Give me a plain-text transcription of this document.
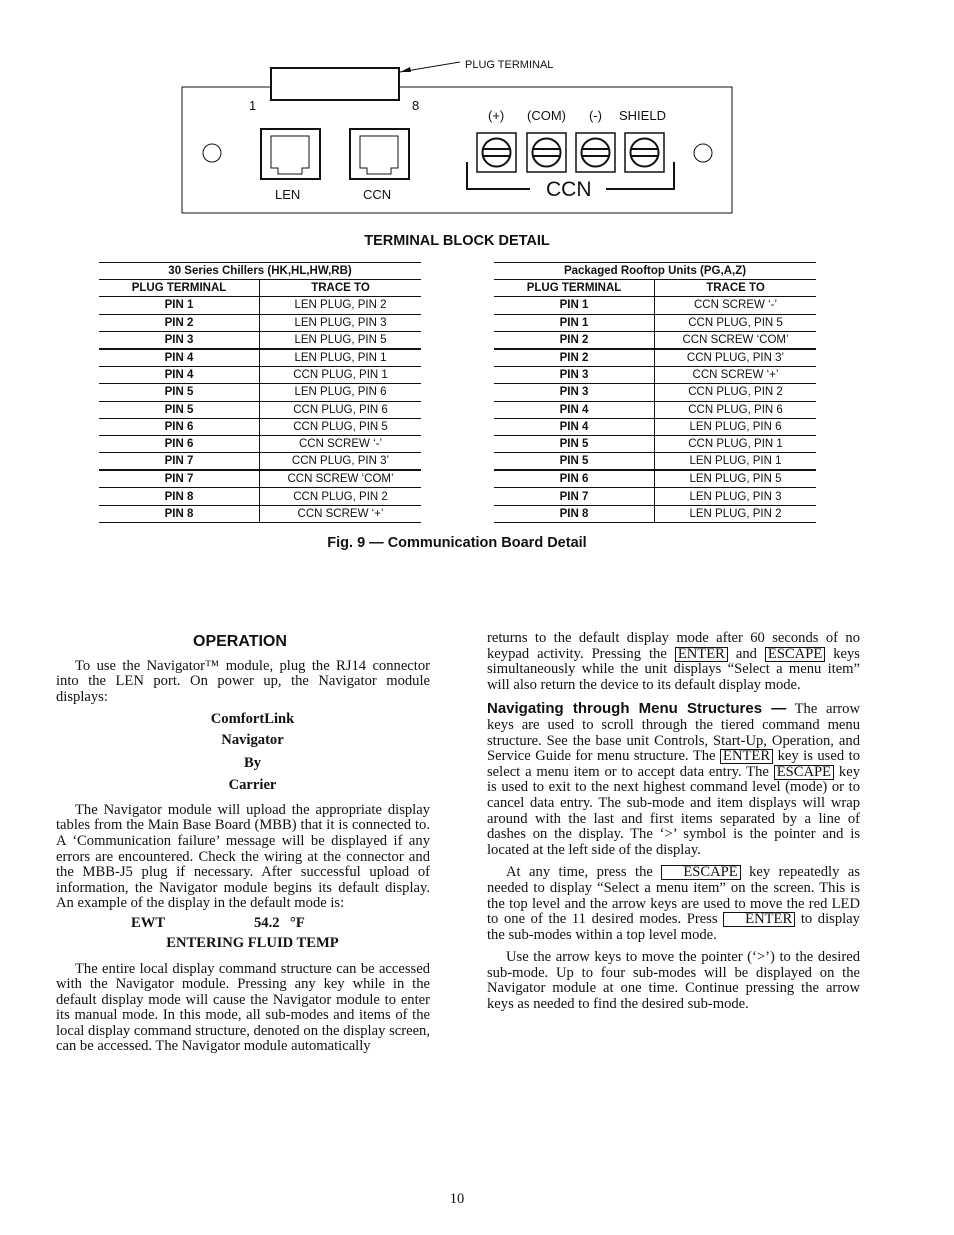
PLUG TERMINAL
1	8
LEN	CCN
(+) (COM) (-) SHIELD
CCN
TERMINAL BLOCK DETAIL
30 Series Chillers (HK,HL,HW,RB)	
PLUG TERMINAL	TRACE TO
PIN 1	LEN PLUG, PIN 2
PIN 2	LEN PLUG, PIN 3
PIN 3	LEN PLUG, PIN 5
PIN 4	LEN PLUG, PIN 1
PIN 4	CCN PLUG, PIN 1
PIN 5	LEN PLUG, PIN 6
PIN 5	CCN PLUG, PIN 6
PIN 6	CCN PLUG, PIN 5
PIN 6	CCN SCREW ‘-’
PIN 7	CCN PLUG, PIN 3’
PIN 7	CCN SCREW ‘COM’
PIN 8	CCN PLUG, PIN 2
PIN 8	CCN SCREW ‘+’
Packaged Rooftop Units (PG,A,Z)	
PLUG TERMINAL	TRACE TO
PIN 1	CCN SCREW ‘-’
PIN 1	CCN PLUG, PIN 5
PIN 2	CCN SCREW ‘COM’
PIN 2	CCN PLUG, PIN 3’
PIN 3	CCN SCREW ‘+’
PIN 3	CCN PLUG, PIN 2
PIN 4	CCN PLUG, PIN 6
PIN 4	LEN PLUG, PIN 6
PIN 5	CCN PLUG, PIN 1
PIN 5	LEN PLUG, PIN 1
PIN 6	LEN PLUG, PIN 5
PIN 7	LEN PLUG, PIN 3
PIN 8	LEN PLUG, PIN 2
Fig. 9 — Communication Board Detail
OPERATION

To use the Navigator™ module, plug the RJ14 connector into the LEN port. On power up, the Navigator module displays:

ComfortLink

Navigator

By

Carrier

The Navigator module will upload the appropriate display tables from the Main Base Board (MBB) that it is connected to. A ‘Communication failure’ message will be displayed if any errors are encountered. Check the wiring at the connector and the MBB-J5 plug if necessary. After successful upload of information, the Navigator module begins its default display. An example of the display in the default mode is:

EWT	54.2 °F

ENTERING FLUID TEMP

The entire local display command structure can be accessed with the Navigator module. Pressing any key while in the default display mode will cause the Navigator module to enter its manual mode. In this mode, all sub-modes and items of the local display command structure, denoted on the display screen, can be accessed. The Navigator module automatically

returns to the default display mode after 60 seconds of no keypad activity. Pressing the ENTER and ESCAPE keys simultaneously while the unit displays “Select a menu item” will also return the device to its default display mode.

Navigating through Menu Structures — The arrow keys are used to scroll through the tiered command menu structure. See the base unit Controls, Start-Up, Operation, and Service Guide for menu structure. The ENTER key is used to select a menu item or to accept data entry. The ESCAPE key is used to exit to the next highest command level (mode) or to cancel data entry. The sub-mode and item displays will wrap around with the last and first items separated by a line of dashes on the display. The ‘>’ symbol is the pointer and is located at the left side of the display.

At any time, press the ESCAPE key repeatedly as needed to display “Select a menu item” on the screen. This is the top level and the arrow keys are used to move the red LED to one of the 11 desired modes. Press ENTER to display the sub-modes within a top level mode.

Use the arrow keys to move the pointer (‘>’) to the desired sub-mode. Up to four sub-modes will be displayed on the Navigator module at one time. Continue pressing the arrow keys as needed to find the desired sub-mode.

10
